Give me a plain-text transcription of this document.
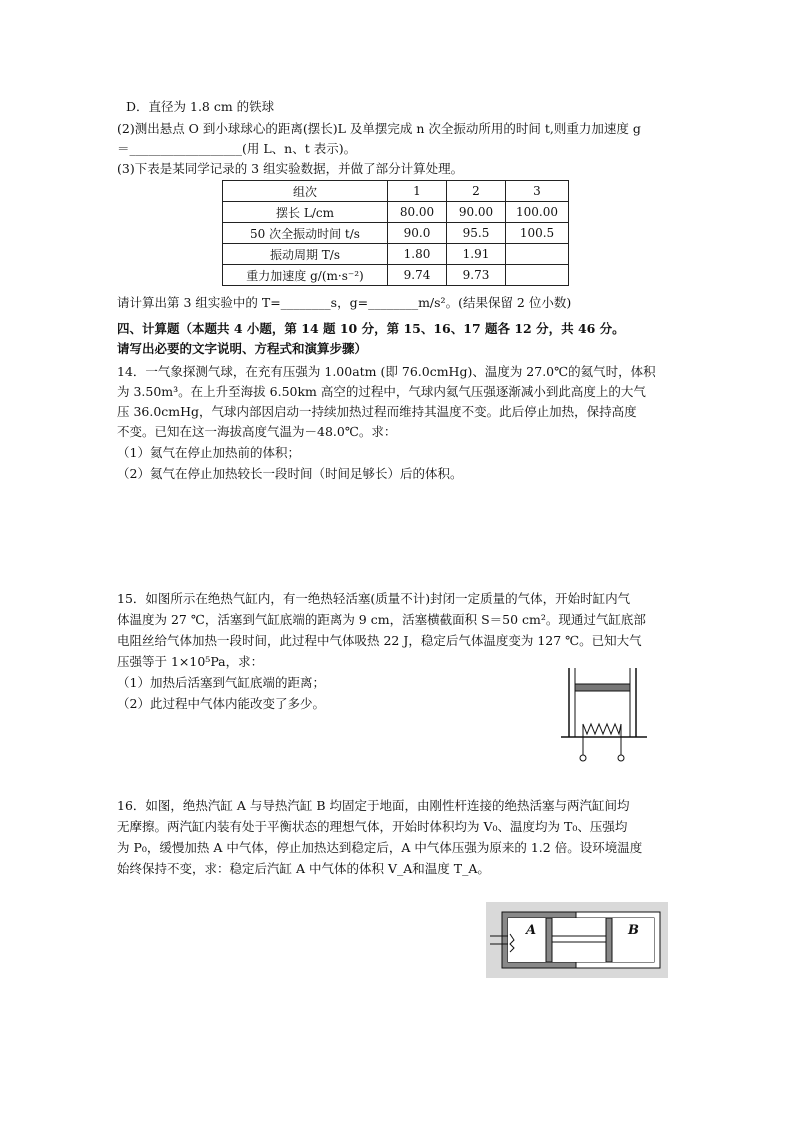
D．直径为 1.8 cm 的铁球
(2)测出悬点 O 到小球球心的距离(摆长)L 及单摆完成 n 次全振动所用的时间 t,则重力加速度 g
＝__________________(用 L、n、t 表示)。
(3)下表是某同学记录的 3 组实验数据，并做了部分计算处理。
组次	1	2	3
摆长 L/cm	80.00	90.00	100.00
50 次全振动时间 t/s	90.0	95.5	100.5
振动周期 T/s	1.80	1.91	
重力加速度 g/(m·s⁻²)	9.74	9.73	
请计算出第 3 组实验中的 T=________s，g=________m/s²。(结果保留 2 位小数)
四、计算题（本题共 4 小题，第 14 题 10 分，第 15、16、17 题各 12 分，共 46 分。
请写出必要的文字说明、方程式和演算步骤）
14．一气象探测气球，在充有压强为 1.00atm (即 76.0cmHg)、温度为 27.0℃的氦气时，体积
为 3.50m³。在上升至海拔 6.50km 高空的过程中，气球内氦气压强逐渐减小到此高度上的大气
压 36.0cmHg，气球内部因启动一持续加热过程而维持其温度不变。此后停止加热，保持高度
不变。已知在这一海拔高度气温为－48.0℃。求：
（1）氦气在停止加热前的体积；
（2）氦气在停止加热较长一段时间（时间足够长）后的体积。
15．如图所示在绝热气缸内，有一绝热轻活塞(质量不计)封闭一定质量的气体，开始时缸内气
体温度为 27 ℃，活塞到气缸底端的距离为 9 cm，活塞横截面积 S＝50 cm²。现通过气缸底部
电阻丝给气体加热一段时间，此过程中气体吸热 22 J，稳定后气体温度变为 127 ℃。已知大气
压强等于 1×10⁵Pa，求：
（1）加热后活塞到气缸底端的距离；
（2）此过程中气体内能改变了多少。
16．如图，绝热汽缸 A 与导热汽缸 B 均固定于地面，由刚性杆连接的绝热活塞与两汽缸间均
无摩擦。两汽缸内装有处于平衡状态的理想气体，开始时体积均为 V₀、温度均为 T₀、压强均
为 P₀，缓慢加热 A 中气体，停止加热达到稳定后，A 中气体压强为原来的 1.2 倍。设环境温度
始终保持不变，求：稳定后汽缸 A 中气体的体积 V_A和温度 T_A。
A	B
